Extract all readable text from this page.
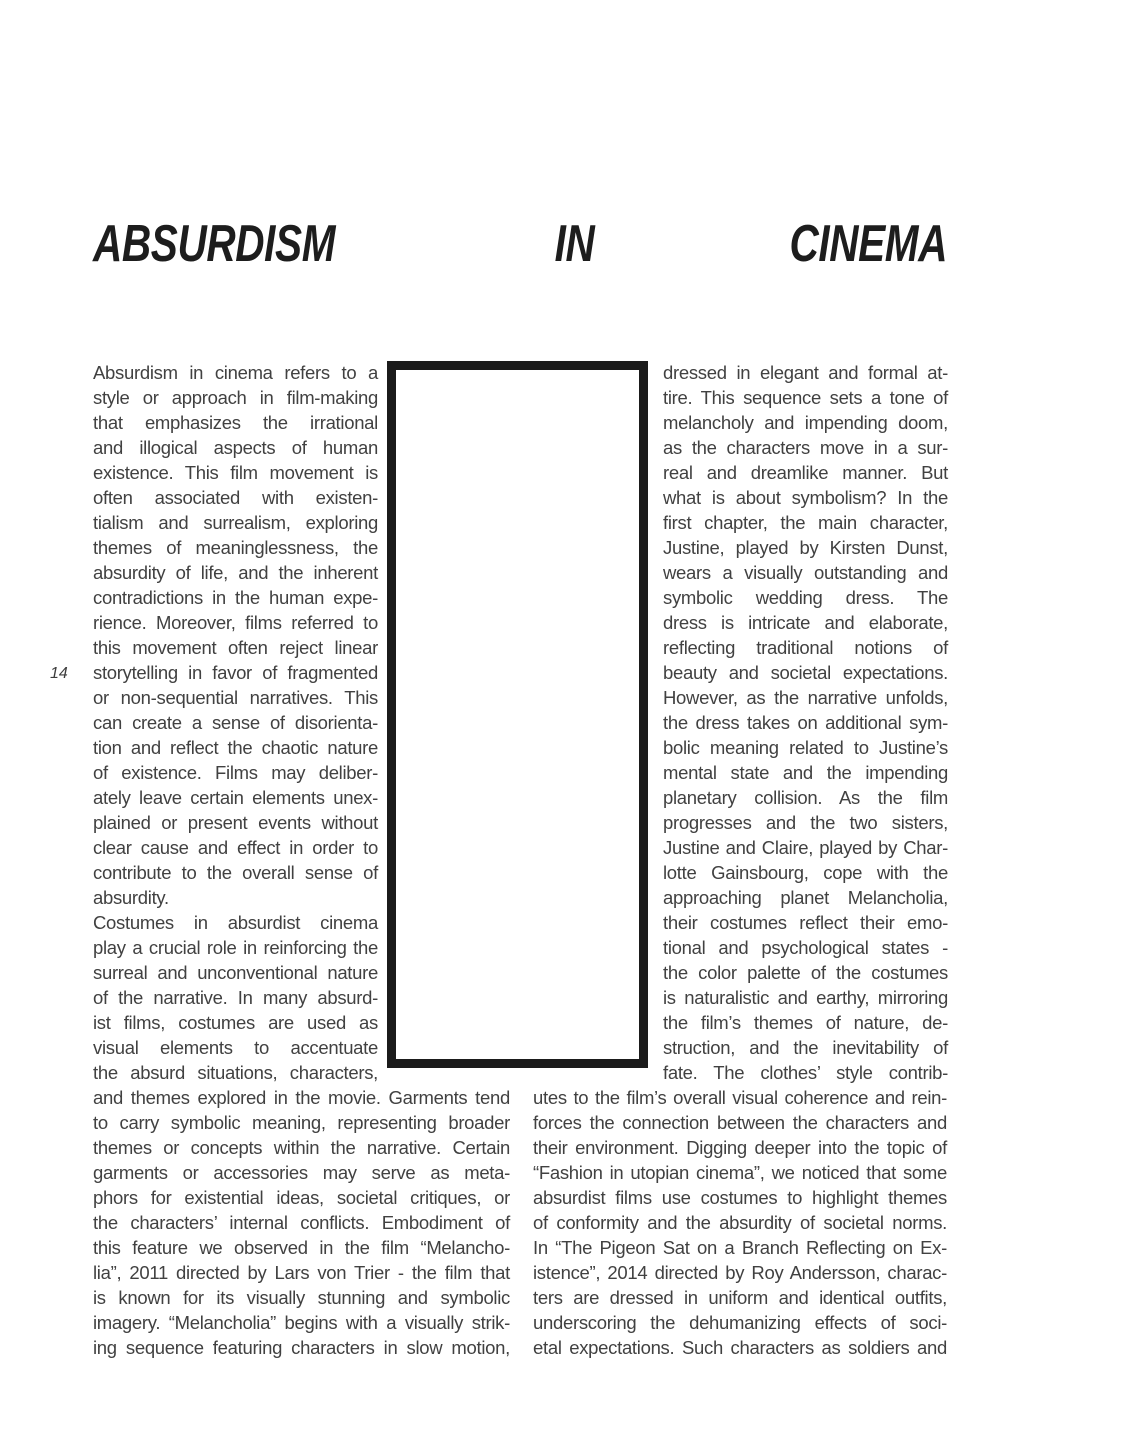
ABSURDISM	IN	CINEMA
14
Absurdism in cinema refers to a
style or approach in film-making
that emphasizes the irrational
and illogical aspects of human
existence. This film movement is
often associated with existen-
tialism and surrealism, exploring
themes of meaninglessness, the
absurdity of life, and the inherent
contradictions in the human expe-
rience. Moreover, films referred to
this movement often reject linear
storytelling in favor of fragmented
or non-sequential narratives. This
can create a sense of disorienta-
tion and reflect the chaotic nature
of existence. Films may deliber-
ately leave certain elements unex-
plained or present events without
clear cause and effect in order to
contribute to the overall sense of
absurdity.
Costumes in absurdist cinema
play a crucial role in reinforcing the
surreal and unconventional nature
of the narrative. In many absurd-
ist films, costumes are used as
visual elements to accentuate
the absurd situations, characters,
dressed in elegant and formal at-
tire. This sequence sets a tone of
melancholy and impending doom,
as the characters move in a sur-
real and dreamlike manner. But
what is about symbolism? In the
first chapter, the main character,
Justine, played by Kirsten Dunst,
wears a visually outstanding and
symbolic wedding dress. The
dress is intricate and elaborate,
reflecting traditional notions of
beauty and societal expectations.
However, as the narrative unfolds,
the dress takes on additional sym-
bolic meaning related to Justine’s
mental state and the impending
planetary collision. As the film
progresses and the two sisters,
Justine and Claire, played by Char-
lotte Gainsbourg, cope with the
approaching planet Melancholia,
their costumes reflect their emo-
tional and psychological states -
the color palette of the costumes
is naturalistic and earthy, mirroring
the film’s themes of nature, de-
struction, and the inevitability of
fate. The clothes’ style contrib-
and themes explored in the movie. Garments tend
to carry symbolic meaning, representing broader
themes or concepts within the narrative. Certain
garments or accessories may serve as meta-
phors for existential ideas, societal critiques, or
the characters’ internal conflicts. Embodiment of
this feature we observed in the film “Melancho-
lia”, 2011 directed by Lars von Trier - the film that
is known for its visually stunning and symbolic
imagery. “Melancholia” begins with a visually strik-
ing sequence featuring characters in slow motion,
utes to the film’s overall visual coherence and rein-
forces the connection between the characters and
their environment. Digging deeper into the topic of
“Fashion in utopian cinema”, we noticed that some
absurdist films use costumes to highlight themes
of conformity and the absurdity of societal norms.
In “The Pigeon Sat on a Branch Reflecting on Ex-
istence”, 2014 directed by Roy Andersson, charac-
ters are dressed in uniform and identical outfits,
underscoring the dehumanizing effects of soci-
etal expectations. Such characters as soldiers and
